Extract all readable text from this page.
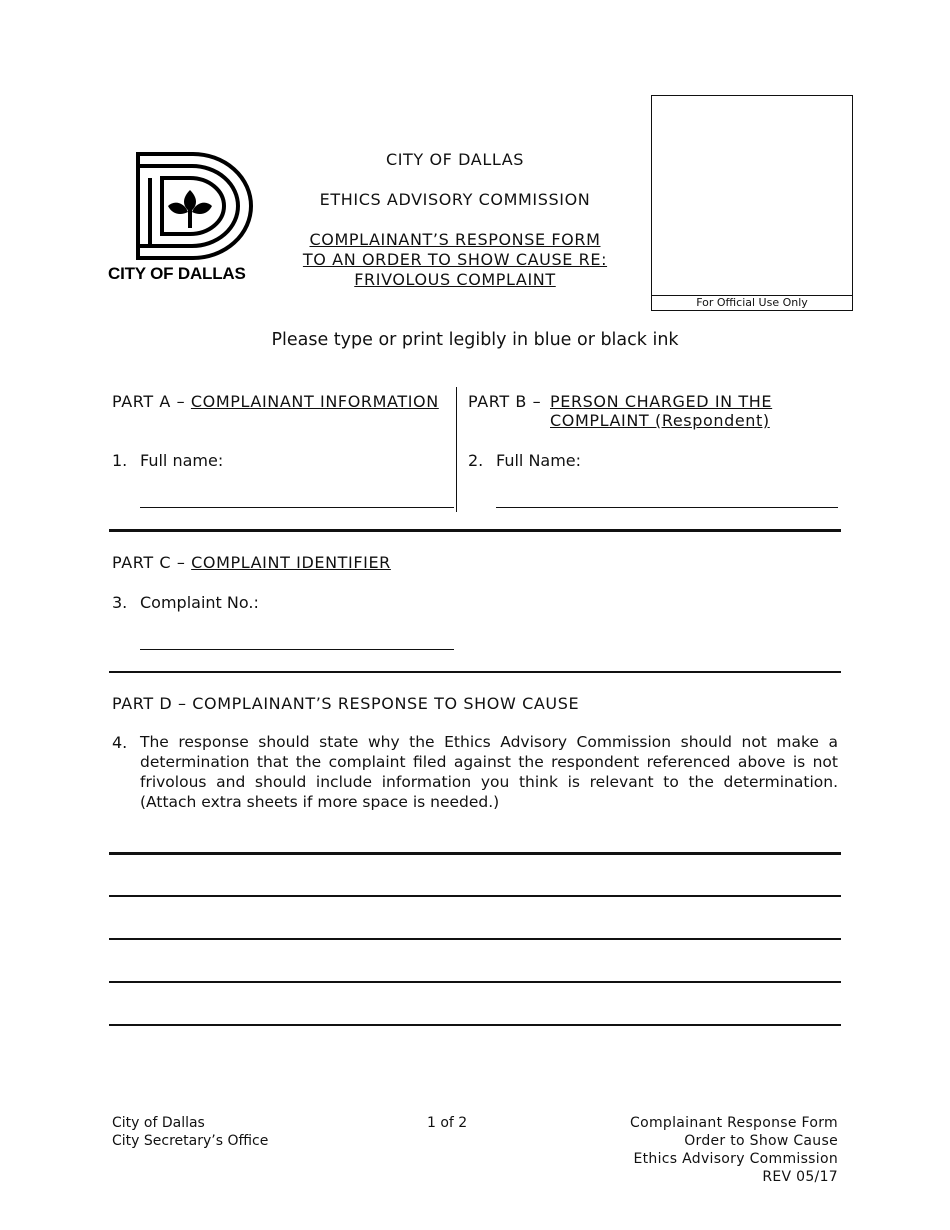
CITY OF DALLAS
CITY OF DALLAS
ETHICS ADVISORY COMMISSION
COMPLAINANT’S RESPONSE FORM
TO AN ORDER TO SHOW CAUSE RE:
FRIVOLOUS COMPLAINT
For Official Use Only
Please type or print legibly in blue or black ink
PART A – COMPLAINANT INFORMATION
1. Full name:
PART B – PERSON CHARGED IN THE
COMPLAINT (Respondent)
2. Full Name:
PART C – COMPLAINT IDENTIFIER
3. Complaint No.:
PART D – COMPLAINANT’S RESPONSE TO SHOW CAUSE
4. The response should state why the Ethics Advisory Commission should not make a determination that the complaint filed against the respondent referenced above is not frivolous and should include information you think is relevant to the determination. (Attach extra sheets if more space is needed.)
City of Dallas
City Secretary’s Office
1 of 2	Complainant Response Form
Order to Show Cause
Ethics Advisory Commission
REV 05/17
